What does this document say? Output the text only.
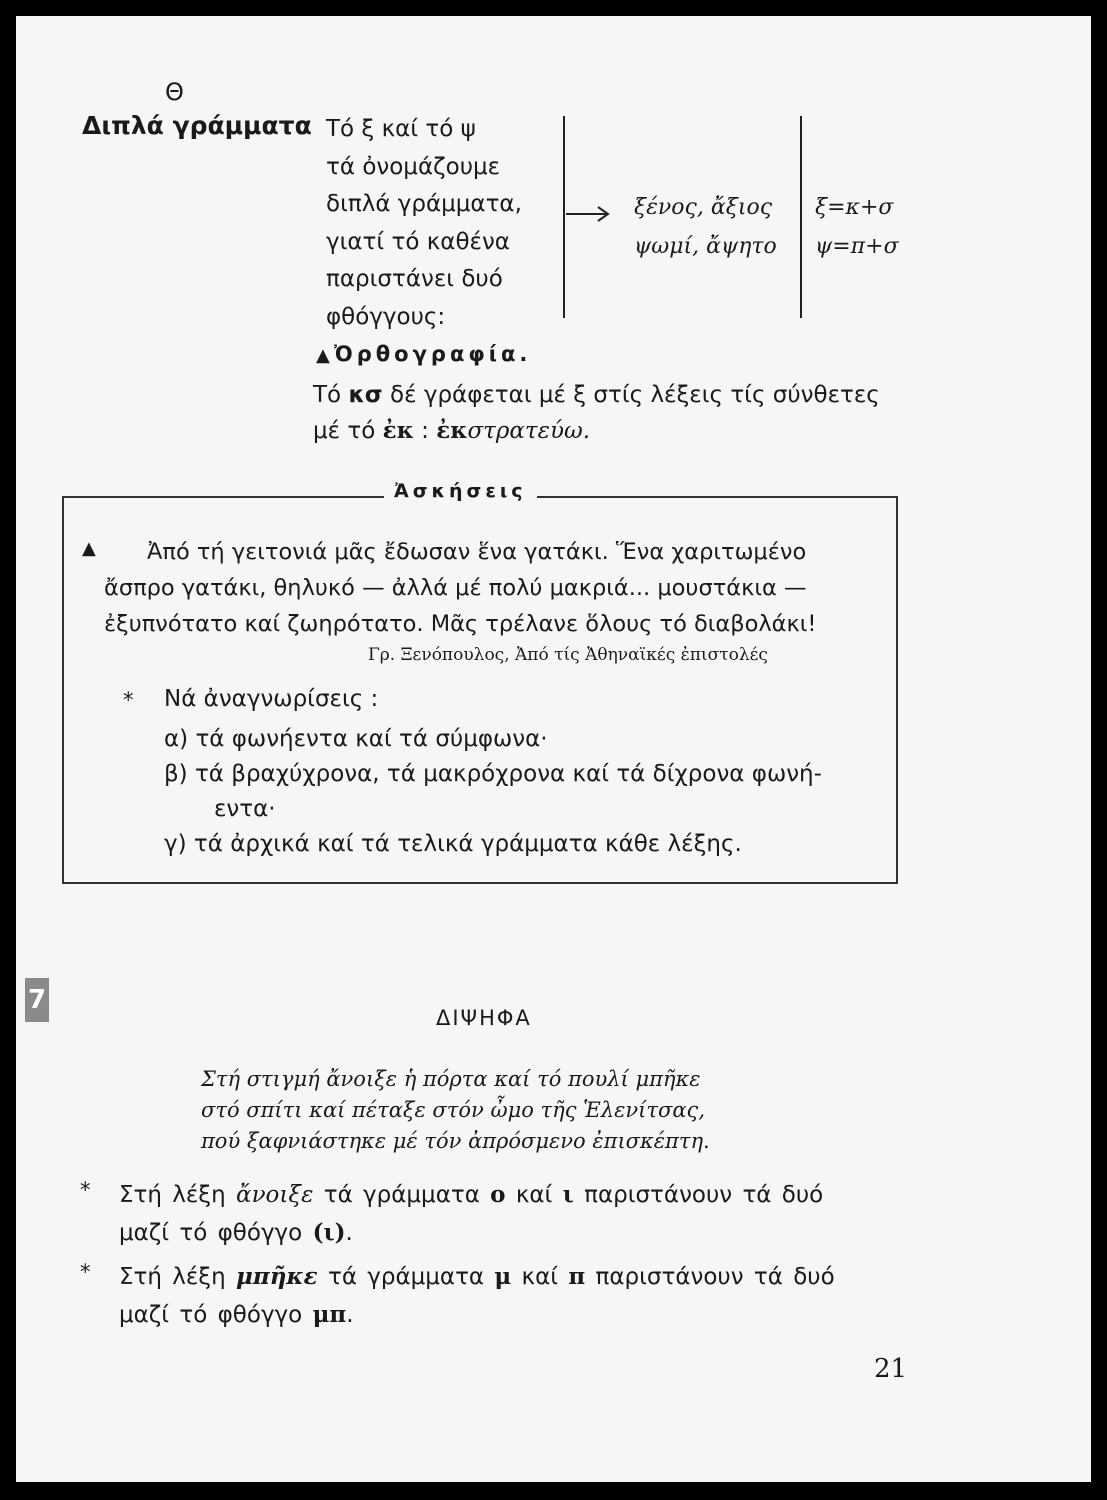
Θ
Διπλά γράμματα Τό ξ καί τό ψ
τά ὀνομάζουμε
διπλά γράμματα,
γιατί τό καθένα
παριστάνει δυό
φθόγγους:
ξένος, ἄξιος
ψωμί, ἄψητο
ξ=κ+σ
ψ=π+σ
▲ Ὀρθογραφία.
Τό κσ δέ γράφεται μέ ξ στίς λέξεις τίς σύνθετες
μέ τό ἐκ : ἐκστρατεύω.
Ἀσκήσεις
▲	Ἀπό τή γειτονιά μᾶς ἔδωσαν ἕνα γατάκι. Ἕνα χαριτωμένο
ἄσπρο γατάκι, θηλυκό — ἀλλά μέ πολύ μακριά... μουστάκια —
ἐξυπνότατο καί ζωηρότατο. Μᾶς τρέλανε ὅλους τό διαβολάκι!
Γρ. Ξενόπουλος, Ἀπό τίς Ἀθηναϊκές ἐπιστολές
* Νά ἀναγνωρίσεις :
α) τά φωνήεντα καί τά σύμφωνα·
β) τά βραχύχρονα, τά μακρόχρονα καί τά δίχρονα φωνή-
εντα·
γ) τά ἀρχικά καί τά τελικά γράμματα κάθε λέξης.
7
ΔΙΨΗΦΑ
Στή στιγμή ἄνοιξε ἡ πόρτα καί τό πουλί μπῆκε
στό σπίτι καί πέταξε στόν ὦμο τῆς Ἑλενίτσας,
πού ξαφνιάστηκε μέ τόν ἀπρόσμενο ἐπισκέπτη.
* Στή λέξη ἄνοιξε τά γράμματα ο καί ι παριστάνουν τά δυό
μαζί τό φθόγγο (ι).
* Στή λέξη μπῆκε τά γράμματα μ καί π παριστάνουν τά δυό
μαζί τό φθόγγο μπ.
21
